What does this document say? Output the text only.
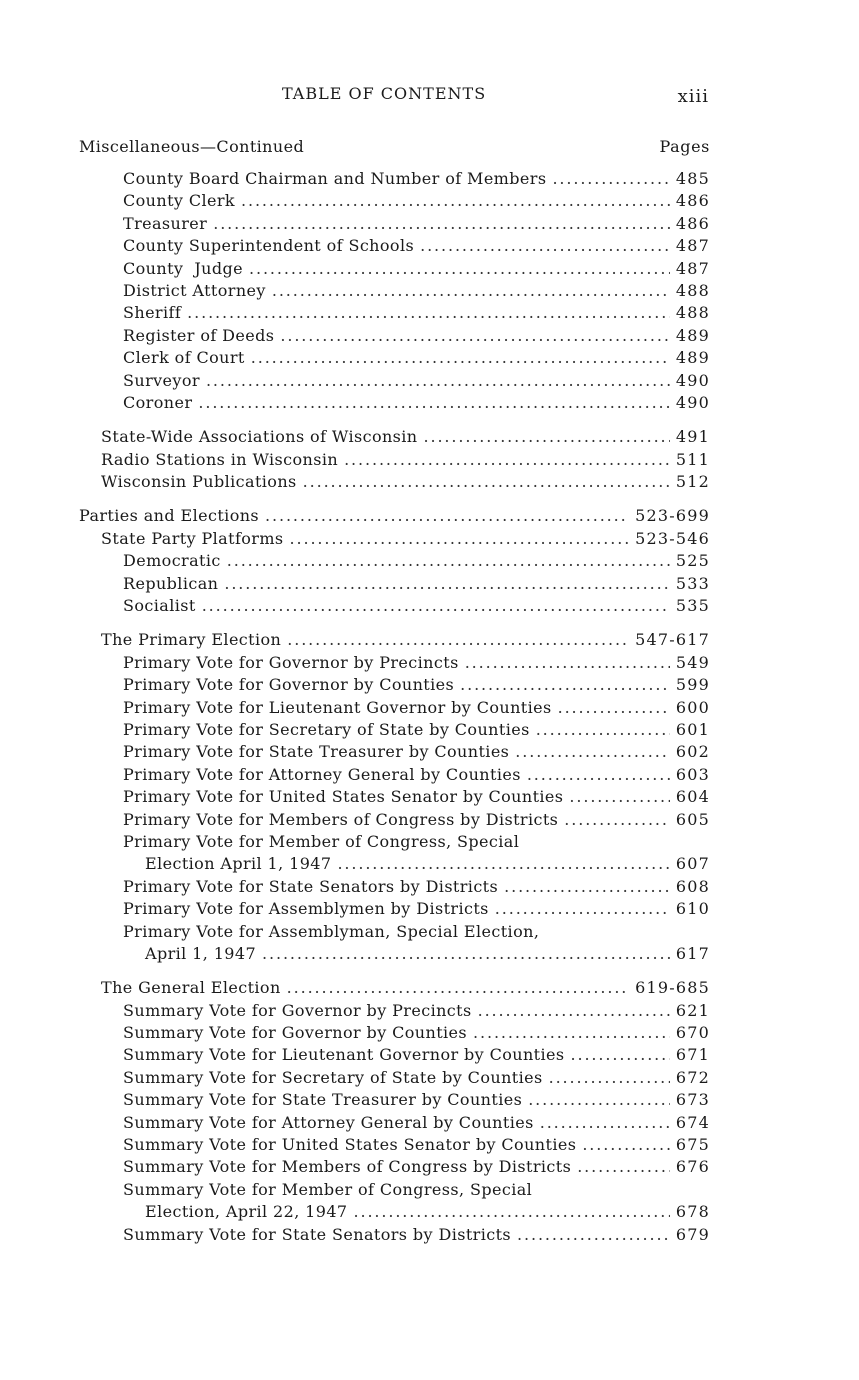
TABLE OF CONTENTS	xiii
Miscellaneous—Continued	Pages
County Board Chairman and Number of Members . . .	485
County Clerk . . .	486
Treasurer . . .	486
County Superintendent of Schools . . .	487
County  Judge . . .	487
District Attorney . . .	488
Sheriff . . .	488
Register of Deeds . . .	489
Clerk of Court . . .	489
Surveyor . . .	490
Coroner . . .	490
State-Wide Associations of Wisconsin . . .	491
Radio Stations in Wisconsin . . .	511
Wisconsin Publications . . .	512
Parties and Elections . . .	523-699
State Party Platforms . . .	523-546
Democratic . . .	525
Republican . . .	533
Socialist . . .	535
The Primary Election . . .	547-617
Primary Vote for Governor by Precincts . . .	549
Primary Vote for Governor by Counties . . .	599
Primary Vote for Lieutenant Governor by Counties . . .	600
Primary Vote for Secretary of State by Counties . . .	601
Primary Vote for State Treasurer by Counties . . .	602
Primary Vote for Attorney General by Counties . . .	603
Primary Vote for United States Senator by Counties . . .	604
Primary Vote for Members of Congress by Districts . . .	605
Primary Vote for Member of Congress, Special
Election April 1, 1947 . . .	607
Primary Vote for State Senators by Districts . . .	608
Primary Vote for Assemblymen by Districts . . .	610
Primary Vote for Assemblyman, Special Election,
April 1, 1947 . . .	617
The General Election . . .	619-685
Summary Vote for Governor by Precincts . . .	621
Summary Vote for Governor by Counties . . .	670
Summary Vote for Lieutenant Governor by Counties . . .	671
Summary Vote for Secretary of State by Counties . . .	672
Summary Vote for State Treasurer by Counties . . .	673
Summary Vote for Attorney General by Counties . . .	674
Summary Vote for United States Senator by Counties . . .	675
Summary Vote for Members of Congress by Districts . . .	676
Summary Vote for Member of Congress, Special
Election, April 22, 1947 . . .	678
Summary Vote for State Senators by Districts . . .	679
